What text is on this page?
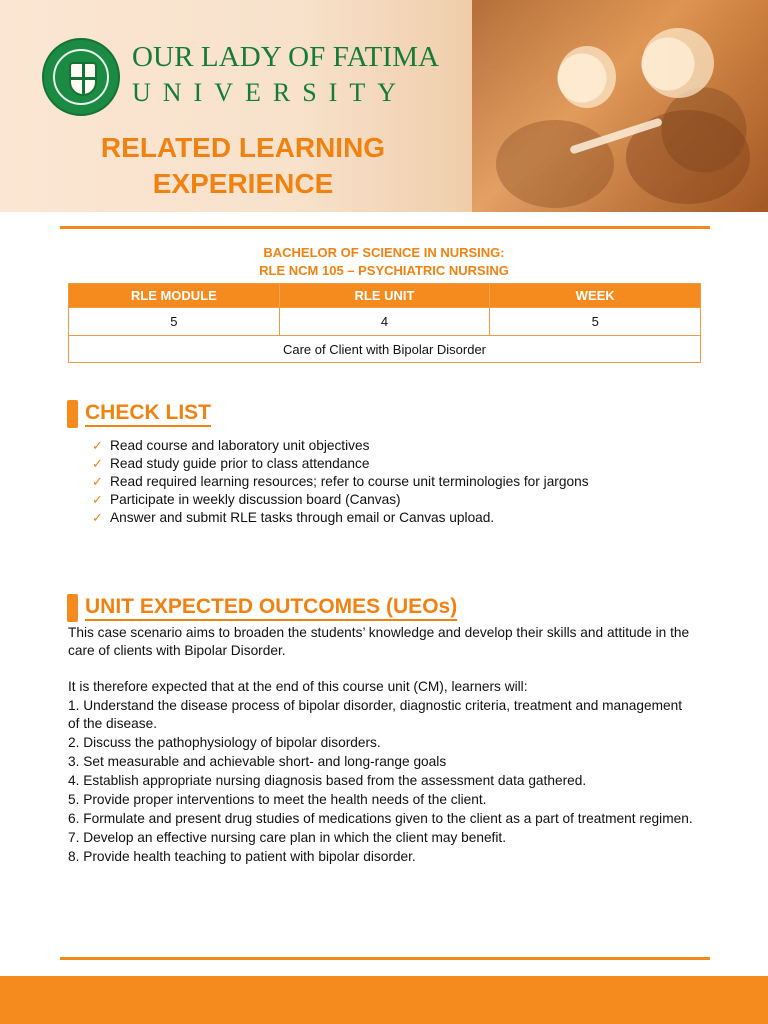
OUR LADY OF FATIMA
UNIVERSITY
RELATED LEARNING
EXPERIENCE
BACHELOR OF SCIENCE IN NURSING:
RLE NCM 105 – PSYCHIATRIC NURSING
RLE MODULE	RLE UNIT	WEEK
5	4	5
Care of Client with Bipolar Disorder
CHECK LIST
✓ Read course and laboratory unit objectives
✓ Read study guide prior to class attendance
✓ Read required learning resources; refer to course unit terminologies for jargons
✓ Participate in weekly discussion board (Canvas)
✓ Answer and submit RLE tasks through email or Canvas upload.
UNIT EXPECTED OUTCOMES (UEOs)

This case scenario aims to broaden the students’ knowledge and develop their skills and attitude in the care of clients with Bipolar Disorder.

It is therefore expected that at the end of this course unit (CM), learners will:

1. Understand the disease process of bipolar disorder, diagnostic criteria, treatment and management of the disease.
2. Discuss the pathophysiology of bipolar disorders.
3. Set measurable and achievable short- and long-range goals
4. Establish appropriate nursing diagnosis based from the assessment data gathered.
5. Provide proper interventions to meet the health needs of the client.
6. Formulate and present drug studies of medications given to the client as a part of treatment regimen.
7. Develop an effective nursing care plan in which the client may benefit.
8. Provide health teaching to patient with bipolar disorder.
